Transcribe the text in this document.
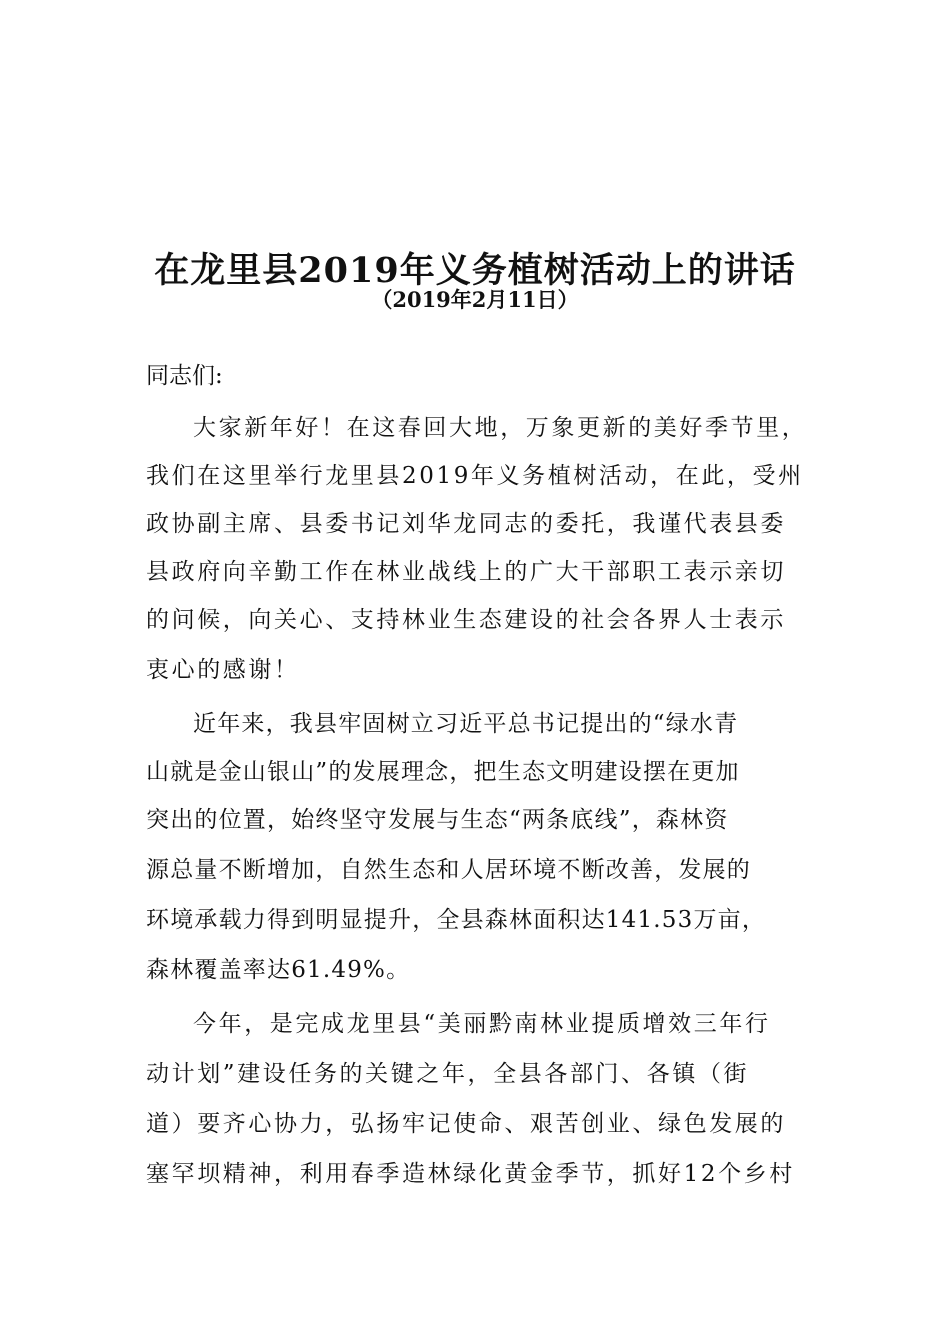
在龙里县2019年义务植树活动上的讲话
（2019年2月11日）

同志们:

大家新年好！在这春回大地，万象更新的美好季节里，

我们在这里举行龙里县2019年义务植树活动，在此，受州

政协副主席、县委书记刘华龙同志的委托，我谨代表县委

县政府向辛勤工作在林业战线上的广大干部职工表示亲切

的问候，向关心、支持林业生态建设的社会各界人士表示

衷心的感谢！

近年来，我县牢固树立习近平总书记提出的“绿水青

山就是金山银山”的发展理念，把生态文明建设摆在更加

突出的位置，始终坚守发展与生态“两条底线”，森林资

源总量不断增加，自然生态和人居环境不断改善，发展的

环境承载力得到明显提升，全县森林面积达141.53万亩，

森林覆盖率达61.49%。

今年，是完成龙里县“美丽黔南林业提质增效三年行

动计划”建设任务的关键之年，全县各部门、各镇（街

道）要齐心协力，弘扬牢记使命、艰苦创业、绿色发展的

塞罕坝精神，利用春季造林绿化黄金季节，抓好12个乡村
